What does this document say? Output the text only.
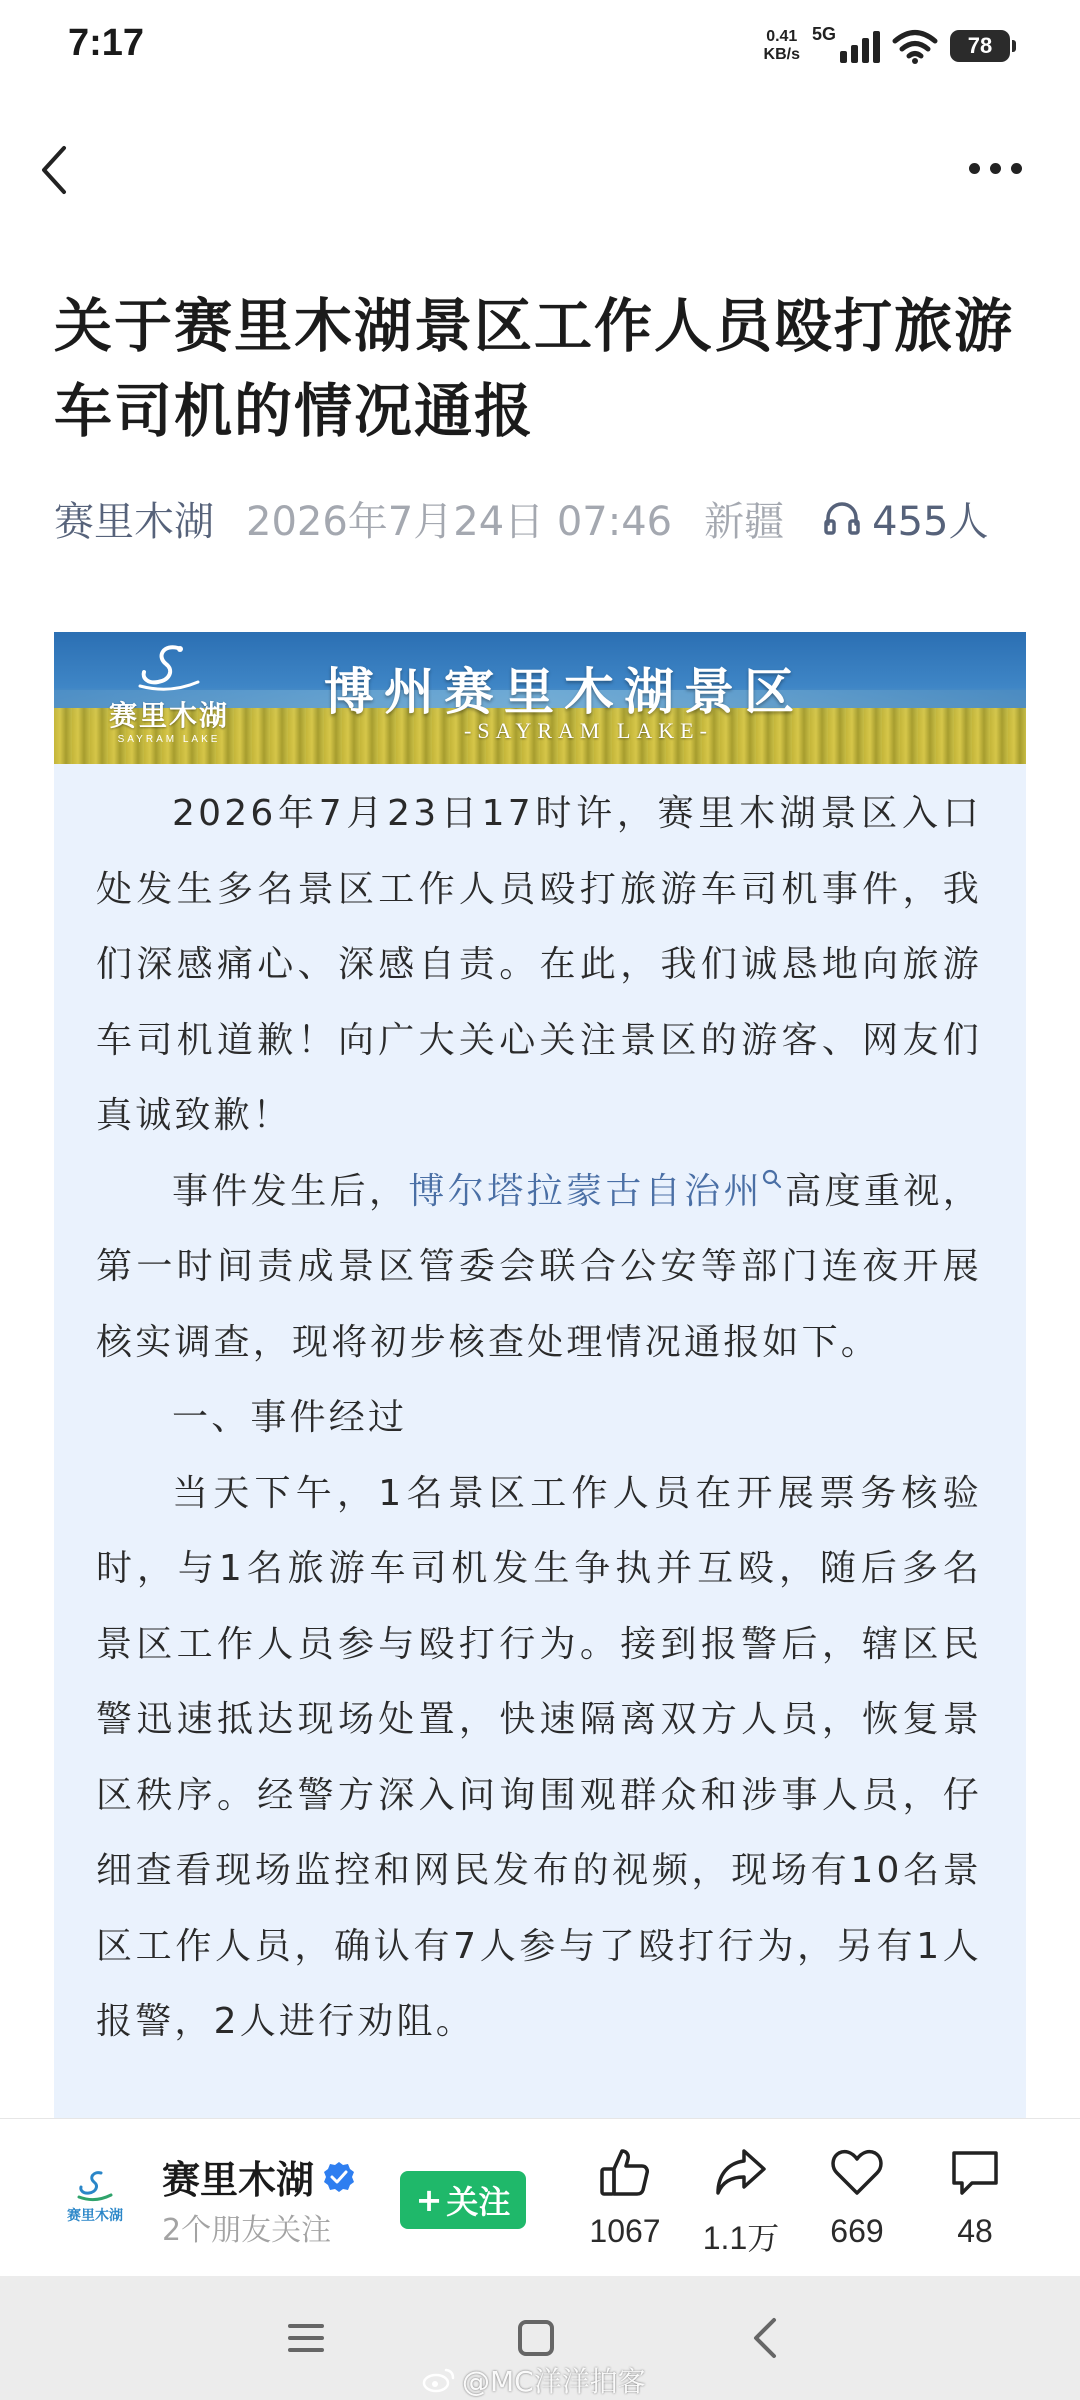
7:17	0.41
KB/s
5G	78
关于赛里木湖景区工作人员殴打旅游车司机的情况通报
赛里木湖 2026年7月24日 07:46 新疆 455人
赛里木湖
SAYRAM LAKE
博州赛里木湖景区
-SAYRAM LAKE-

2026年7月23日17时许，赛里木湖景区入口处发生多名景区工作人员殴打旅游车司机事件，我们深感痛心、深感自责。在此，我们诚恳地向旅游车司机道歉！向广大关心关注景区的游客、网友们真诚致歉！

事件发生后，博尔塔拉蒙古自治州 高度重视，第一时间责成景区管委会联合公安等部门连夜开展核实调查，现将初步核查处理情况通报如下。

一、事件经过

当天下午，1名景区工作人员在开展票务核验时，与1名旅游车司机发生争执并互殴，随后多名景区工作人员参与殴打行为。接到报警后，辖区民警迅速抵达现场处置，快速隔离双方人员，恢复景区秩序。经警方深入问询围观群众和涉事人员，仔细查看现场监控和网民发布的视频，现场有10名景区工作人员，确认有7人参与了殴打行为，另有1人报警，2人进行劝阻。

赛里木湖
赛里木湖
2个朋友关注
+ 关注
1067 1.1万 669 48
@MC洋洋拍客
